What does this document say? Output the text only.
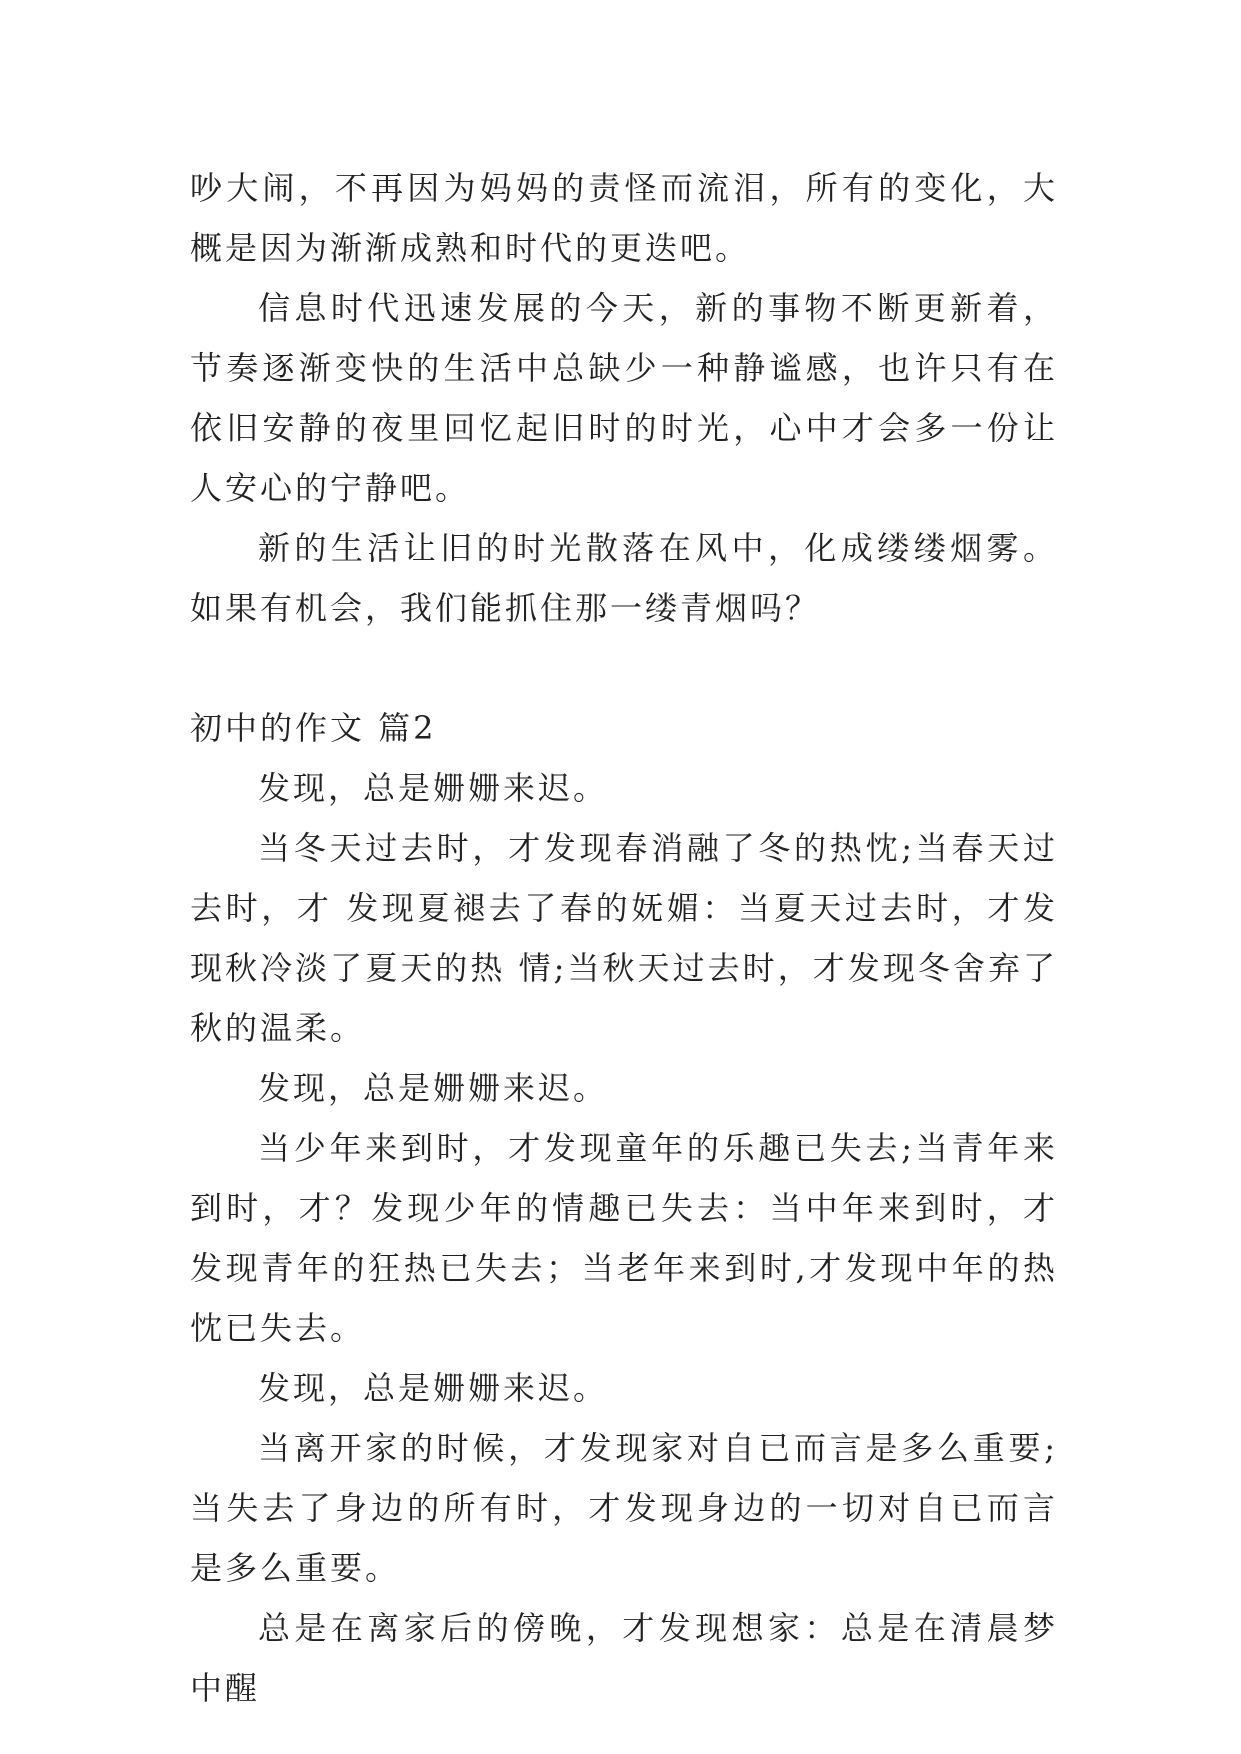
吵大闹，不再因为妈妈的责怪而流泪，所有的变化，大概是因为渐渐成熟和时代的更迭吧。

信息时代迅速发展的今天，新的事物不断更新着，节奏逐渐变快的生活中总缺少一种静谧感，也许只有在依旧安静的夜里回忆起旧时的时光，心中才会多一份让人安心的宁静吧。

新的生活让旧的时光散落在风中，化成缕缕烟雾。如果有机会，我们能抓住那一缕青烟吗？

初中的作文 篇2

发现，总是姗姗来迟。

当冬天过去时，才发现春消融了冬的热忱;当春天过去时，才 发现夏褪去了春的妩媚：当夏天过去时，才发现秋冷淡了夏天的热 情;当秋天过去时，才发现冬舍弃了秋的温柔。

发现，总是姗姗来迟。

当少年来到时，才发现童年的乐趣已失去;当青年来到时，才？发现少年的情趣已失去：当中年来到时，才发现青年的狂热已失去；当老年来到时,才发现中年的热忱已失去。

发现，总是姗姗来迟。

当离开家的时候，才发现家对自已而言是多么重要;当失去了身边的所有时，才发现身边的一切对自已而言是多么重要。

总是在离家后的傍晚，才发现想家：总是在清晨梦中醒
